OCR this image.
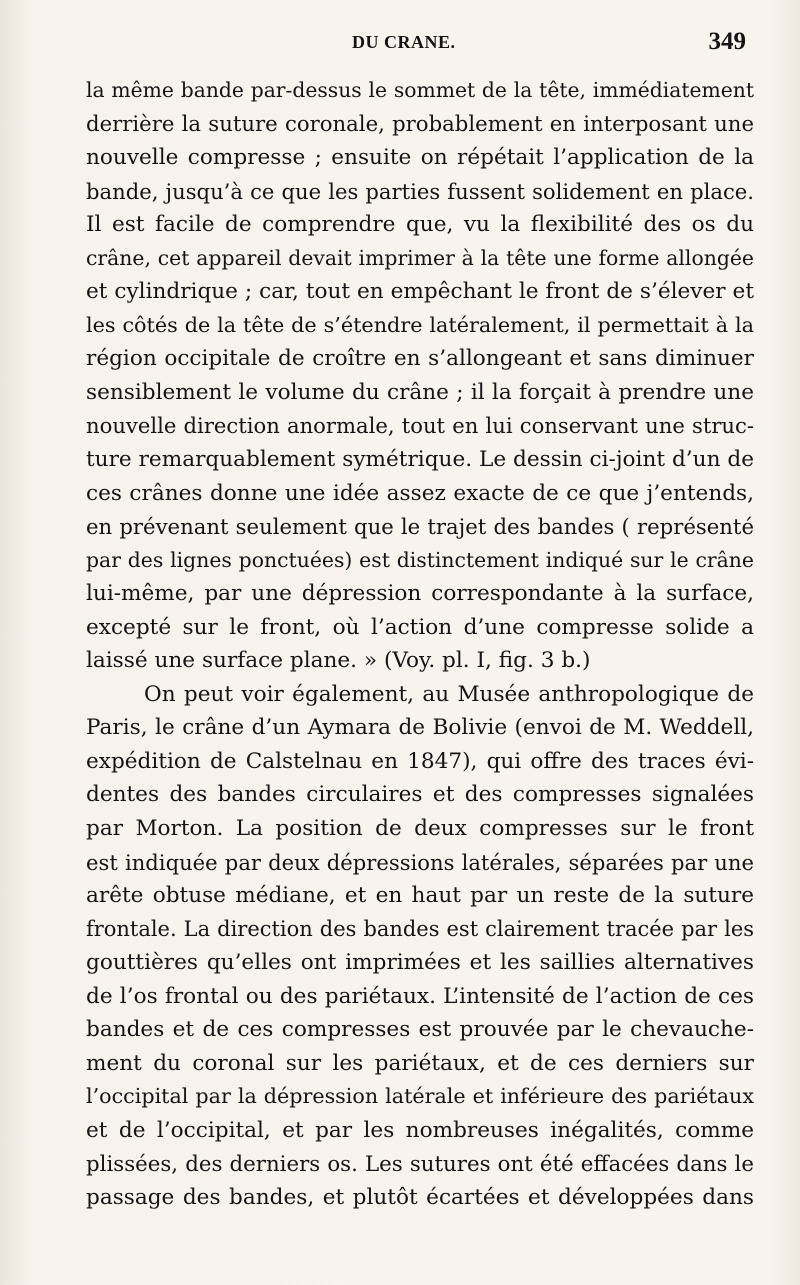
DU CRANE.	349
la même bande par-dessus le sommet de la tête, immédiatement
derrière la suture coronale, probablement en interposant une
nouvelle compresse ; ensuite on répétait l’application de la
bande, jusqu’à ce que les parties fussent solidement en place.
Il est facile de comprendre que, vu la flexibilité des os du
crâne, cet appareil devait imprimer à la tête une forme allongée
et cylindrique ; car, tout en empêchant le front de s’élever et
les côtés de la tête de s’étendre latéralement, il permettait à la
région occipitale de croître en s’allongeant et sans diminuer
sensiblement le volume du crâne ; il la forçait à prendre une
nouvelle direction anormale, tout en lui conservant une struc-
ture remarquablement symétrique. Le dessin ci-joint d’un de
ces crânes donne une idée assez exacte de ce que j’entends,
en prévenant seulement que le trajet des bandes ( représenté
par des lignes ponctuées) est distinctement indiqué sur le crâne
lui-même, par une dépression correspondante à la surface,
excepté sur le front, où l’action d’une compresse solide a
laissé une surface plane. » (Voy. pl. I, fig. 3 b.)
On peut voir également, au Musée anthropologique de
Paris, le crâne d’un Aymara de Bolivie (envoi de M. Weddell,
expédition de Calstelnau en 1847), qui offre des traces évi-
dentes des bandes circulaires et des compresses signalées
par Morton. La position de deux compresses sur le front
est indiquée par deux dépressions latérales, séparées par une
arête obtuse médiane, et en haut par un reste de la suture
frontale. La direction des bandes est clairement tracée par les
gouttières qu’elles ont imprimées et les saillies alternatives
de l’os frontal ou des pariétaux. L’intensité de l’action de ces
bandes et de ces compresses est prouvée par le chevauche-
ment du coronal sur les pariétaux, et de ces derniers sur
l’occipital par la dépression latérale et inférieure des pariétaux
et de l’occipital, et par les nombreuses inégalités, comme
plissées, des derniers os. Les sutures ont été effacées dans le
passage des bandes, et plutôt écartées et développées dans
